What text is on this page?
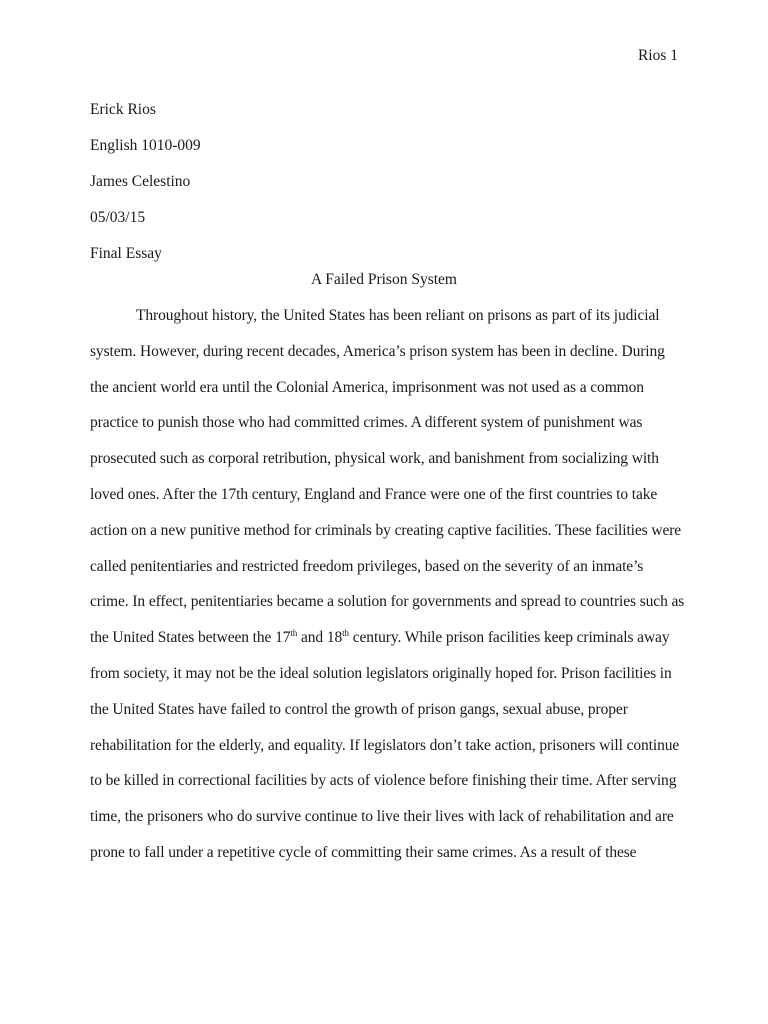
Rios 1
Erick Rios
English 1010-009
James Celestino
05/03/15
Final Essay
A Failed Prison System
Throughout history, the United States has been reliant on prisons as part of its judicial
system. However, during recent decades, America’s prison system has been in decline. During
the ancient world era until the Colonial America, imprisonment was not used as a common
practice to punish those who had committed crimes. A different system of punishment was
prosecuted such as corporal retribution, physical work, and banishment from socializing with
loved ones. After the 17th century, England and France were one of the first countries to take
action on a new punitive method for criminals by creating captive facilities. These facilities were
called penitentiaries and restricted freedom privileges, based on the severity of an inmate’s
crime. In effect, penitentiaries became a solution for governments and spread to countries such as
the United States between the 17th and 18th century. While prison facilities keep criminals away
from society, it may not be the ideal solution legislators originally hoped for. Prison facilities in
the United States have failed to control the growth of prison gangs, sexual abuse, proper
rehabilitation for the elderly, and equality. If legislators don’t take action, prisoners will continue
to be killed in correctional facilities by acts of violence before finishing their time. After serving
time, the prisoners who do survive continue to live their lives with lack of rehabilitation and are
prone to fall under a repetitive cycle of committing their same crimes. As a result of these
